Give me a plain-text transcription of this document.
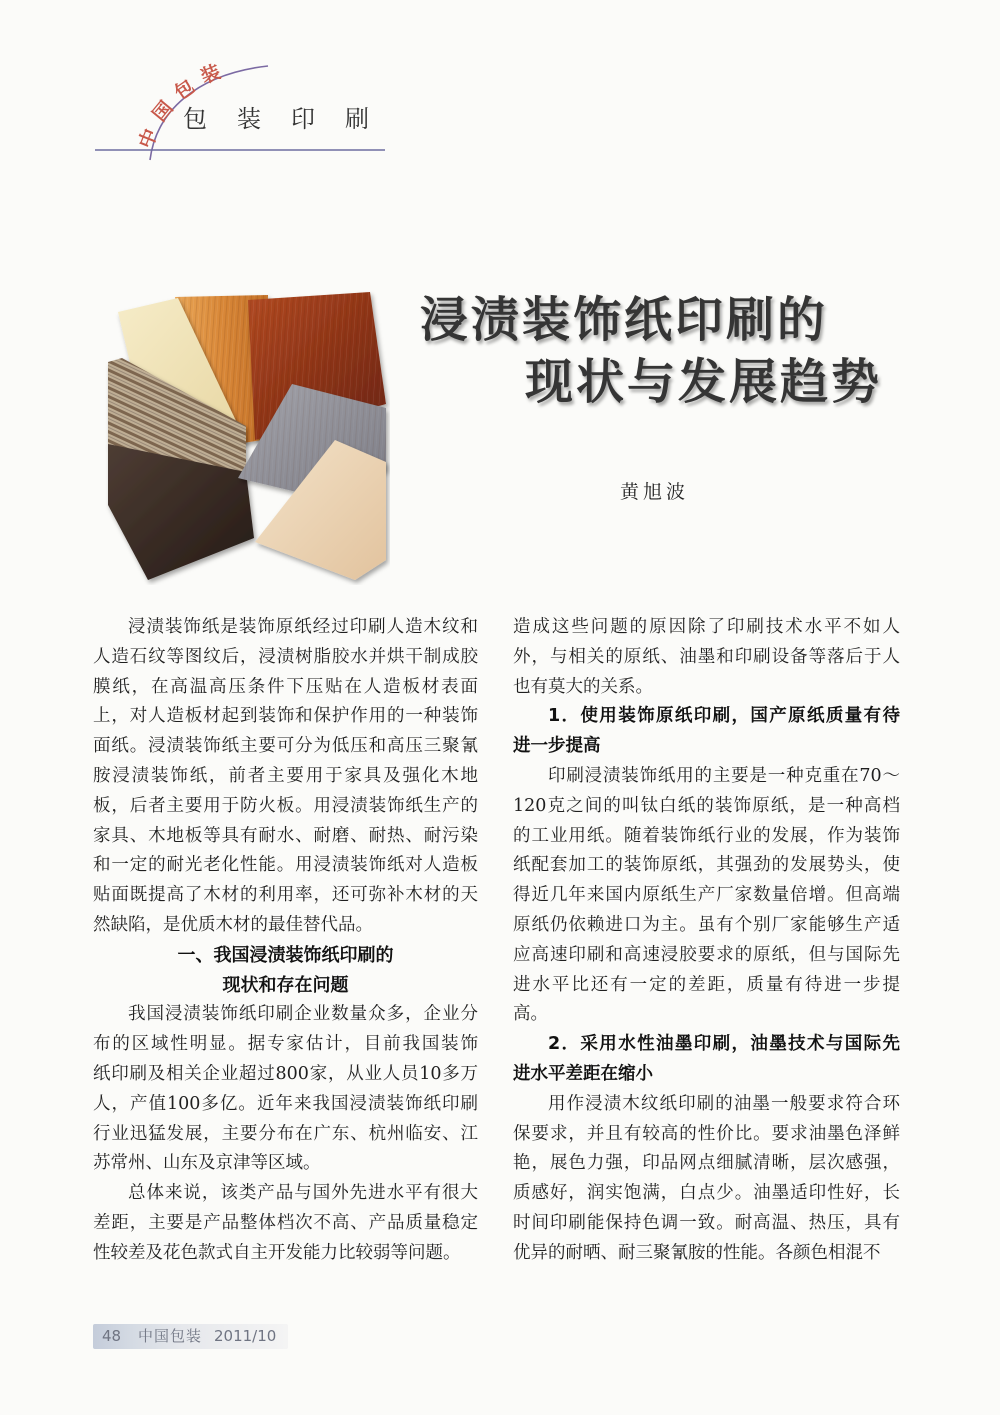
中国包装
包装印刷
浸渍装饰纸印刷的
现状与发展趋势
黄旭波
浸渍装饰纸是装饰原纸经过印刷人造木纹和
人造石纹等图纹后，浸渍树脂胶水并烘干制成胶
膜纸，在高温高压条件下压贴在人造板材表面
上，对人造板材起到装饰和保护作用的一种装饰
面纸。浸渍装饰纸主要可分为低压和高压三聚氰
胺浸渍装饰纸，前者主要用于家具及强化木地
板，后者主要用于防火板。用浸渍装饰纸生产的
家具、木地板等具有耐水、耐磨、耐热、耐污染
和一定的耐光老化性能。用浸渍装饰纸对人造板
贴面既提高了木材的利用率，还可弥补木材的天
然缺陷，是优质木材的最佳替代品。
一、我国浸渍装饰纸印刷的
现状和存在问题
我国浸渍装饰纸印刷企业数量众多，企业分
布的区域性明显。据专家估计，目前我国装饰
纸印刷及相关企业超过800家，从业人员10多万
人，产值100多亿。近年来我国浸渍装饰纸印刷
行业迅猛发展，主要分布在广东、杭州临安、江
苏常州、山东及京津等区域。
总体来说，该类产品与国外先进水平有很大
差距，主要是产品整体档次不高、产品质量稳定
性较差及花色款式自主开发能力比较弱等问题。
造成这些问题的原因除了印刷技术水平不如人
外，与相关的原纸、油墨和印刷设备等落后于人
也有莫大的关系。
1．使用装饰原纸印刷，国产原纸质量有待
进一步提高
印刷浸渍装饰纸用的主要是一种克重在70～
120克之间的叫钛白纸的装饰原纸，是一种高档
的工业用纸。随着装饰纸行业的发展，作为装饰
纸配套加工的装饰原纸，其强劲的发展势头，使
得近几年来国内原纸生产厂家数量倍增。但高端
原纸仍依赖进口为主。虽有个别厂家能够生产适
应高速印刷和高速浸胶要求的原纸，但与国际先
进水平比还有一定的差距，质量有待进一步提
高。
2．采用水性油墨印刷，油墨技术与国际先
进水平差距在缩小
用作浸渍木纹纸印刷的油墨一般要求符合环
保要求，并且有较高的性价比。要求油墨色泽鲜
艳，展色力强，印品网点细腻清晰，层次感强，
质感好，润实饱满，白点少。油墨适印性好，长
时间印刷能保持色调一致。耐高温、热压，具有
优异的耐晒、耐三聚氰胺的性能。各颜色相混不
48 中国包装 2011/10
